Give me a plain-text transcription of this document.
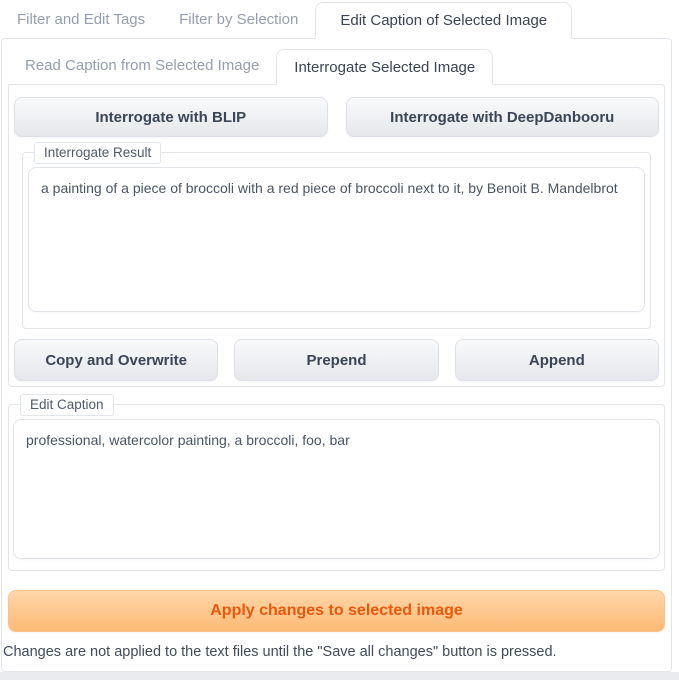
Filter and Edit Tags	Filter by Selection	Edit Caption of Selected Image
Read Caption from Selected Image	Interrogate Selected Image
Interrogate with BLIP	Interrogate with DeepDanbooru
Interrogate Result
a painting of a piece of broccoli with a red piece of broccoli next to it, by Benoit B. Mandelbrot
Copy and Overwrite	Prepend	Append
Edit Caption
professional, watercolor painting, a broccoli, foo, bar
Apply changes to selected image

Changes are not applied to the text files until the "Save all changes" button is pressed.
